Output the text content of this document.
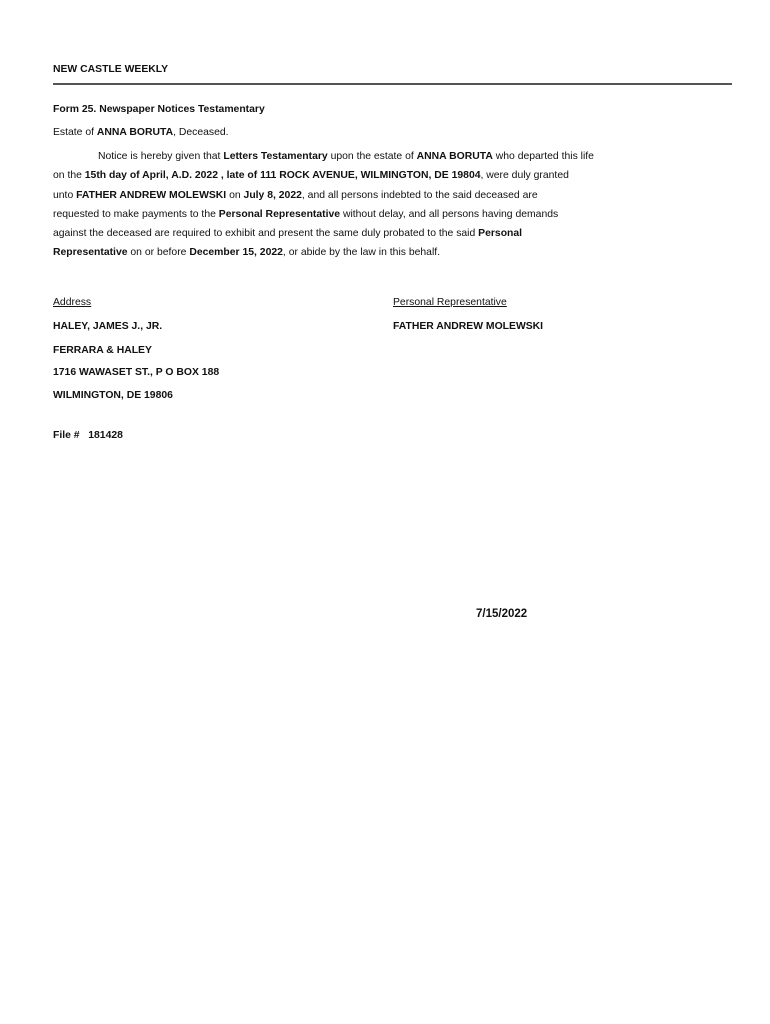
NEW CASTLE WEEKLY
Form 25. Newspaper Notices Testamentary
Estate of ANNA BORUTA, Deceased.
Notice is hereby given that Letters Testamentary upon the estate of ANNA BORUTA who departed this life
on the 15th day of April, A.D. 2022 , late of 111 ROCK AVENUE, WILMINGTON, DE 19804, were duly granted
unto FATHER ANDREW MOLEWSKI on July 8, 2022, and all persons indebted to the said deceased are
requested to make payments to the Personal Representative without delay, and all persons having demands
against the deceased are required to exhibit and present the same duly probated to the said Personal
Representative on or before December 15, 2022, or abide by the law in this behalf.
Address
HALEY, JAMES J., JR.
FERRARA & HALEY
1716 WAWASET ST., P O BOX 188
WILMINGTON, DE 19806
Personal Representative
FATHER ANDREW MOLEWSKI
File # 181428
7/15/2022
